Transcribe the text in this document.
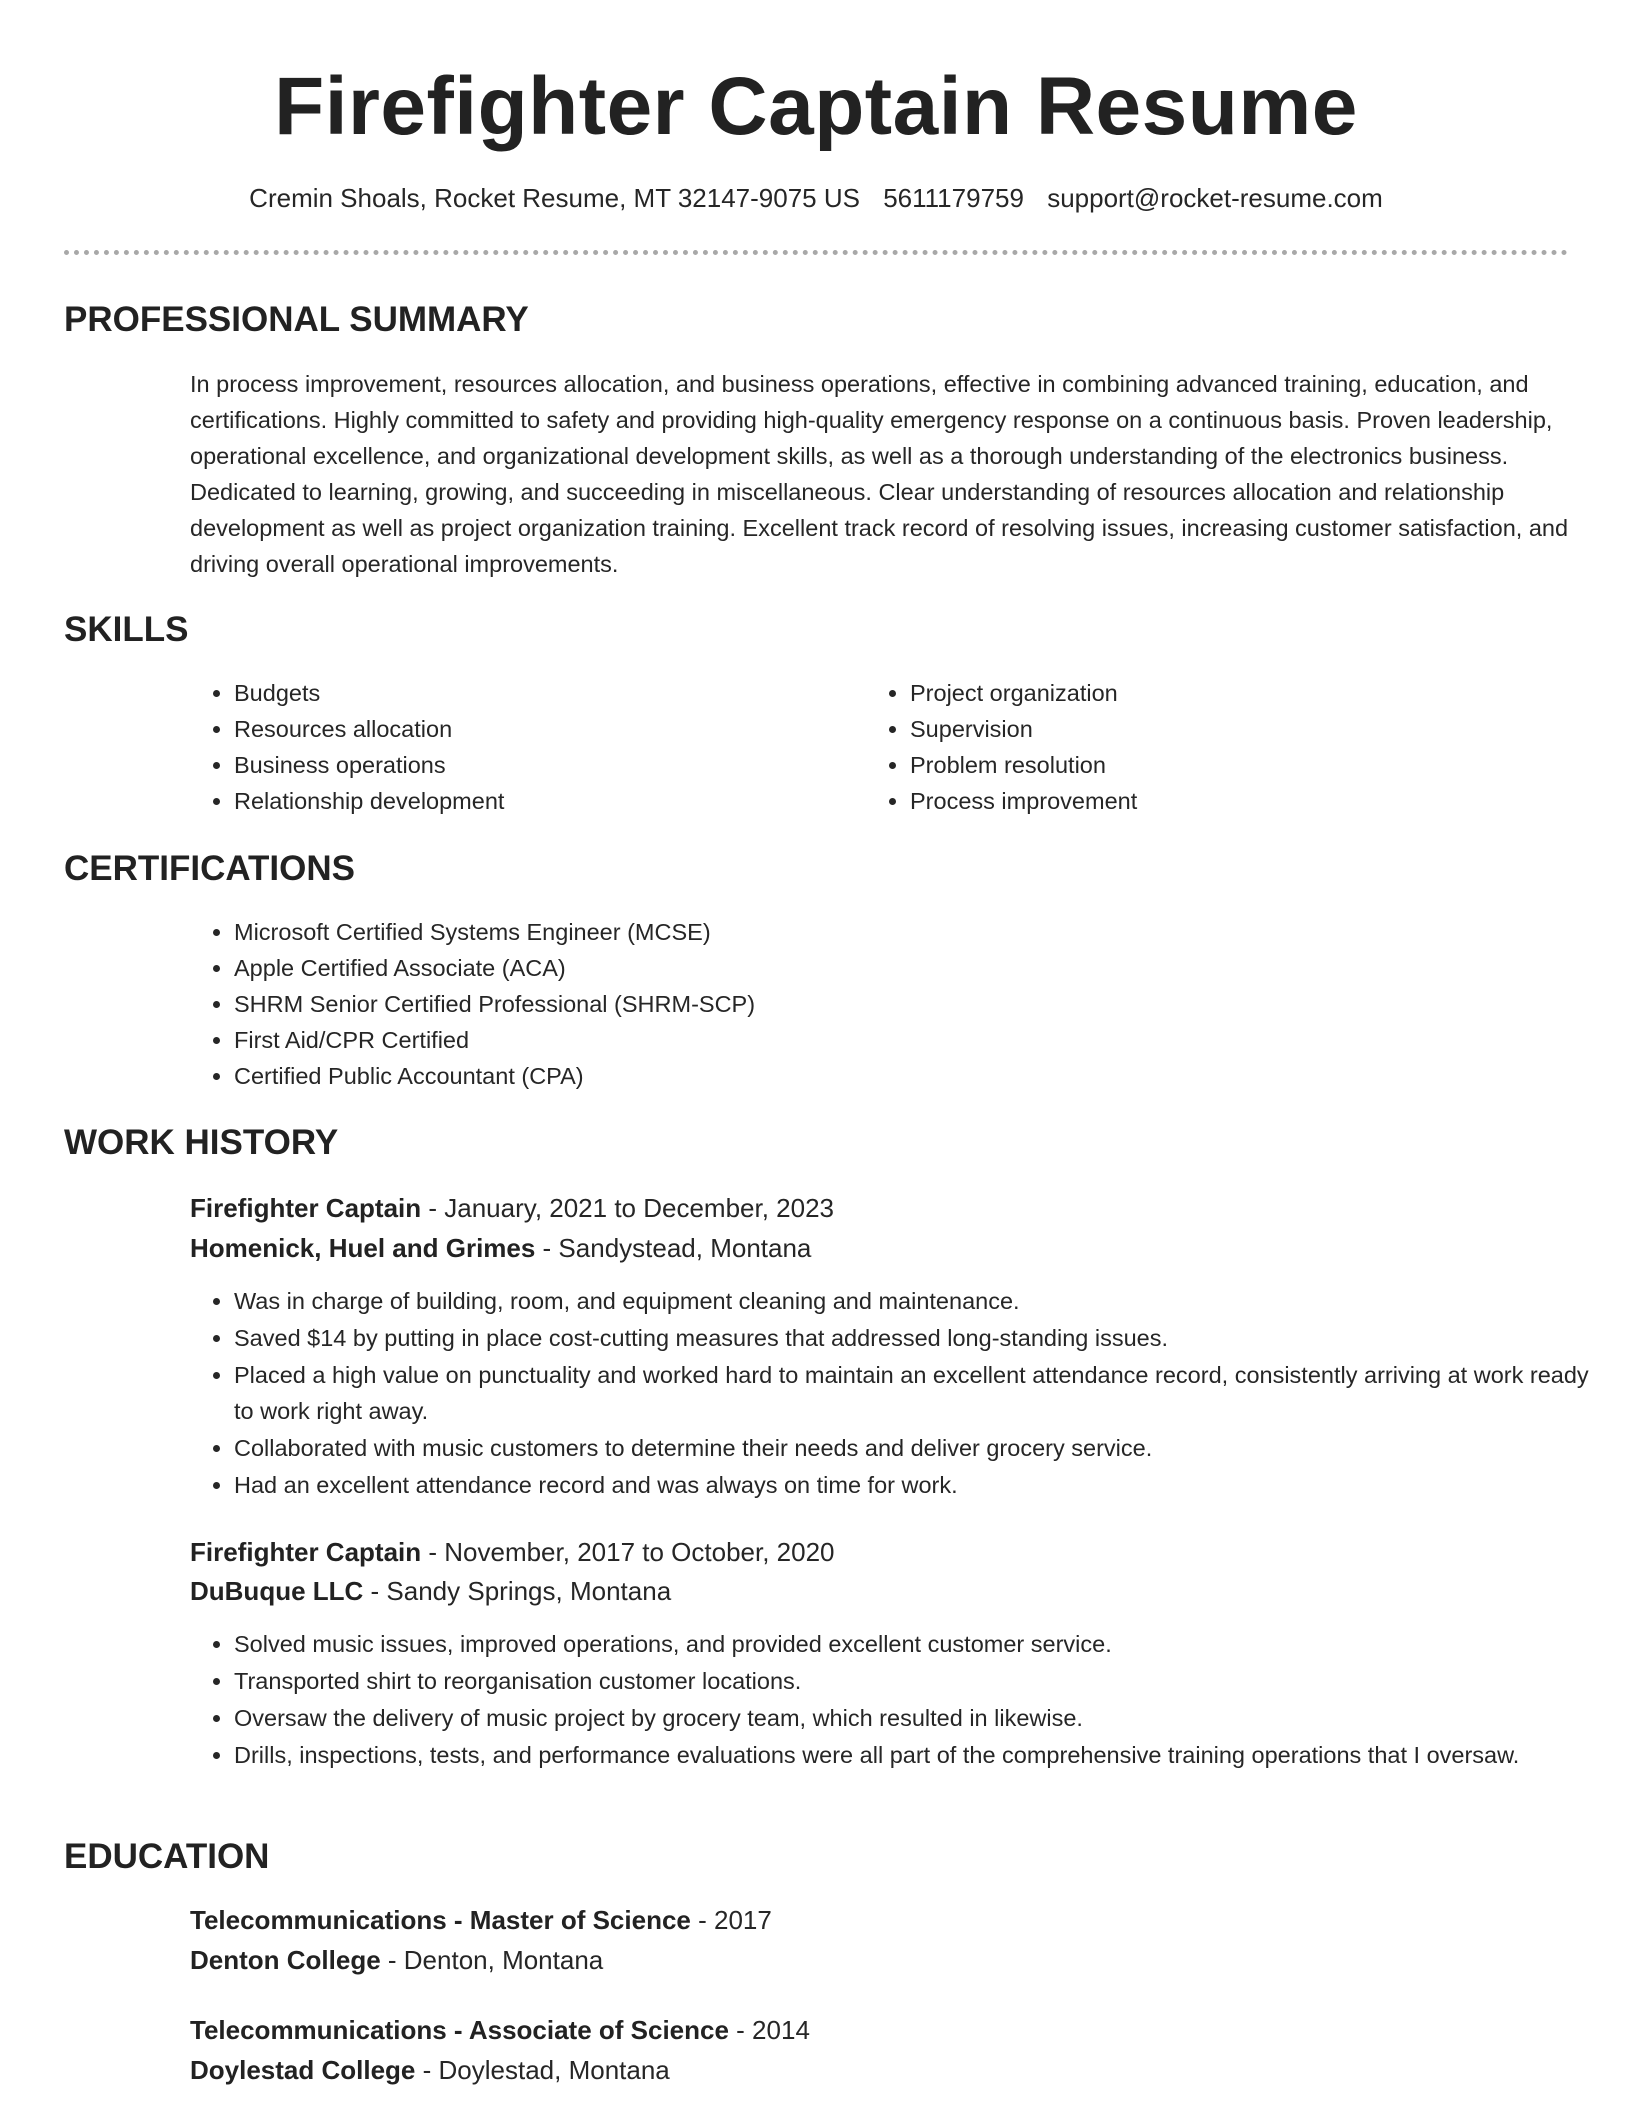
Firefighter Captain Resume
Cremin Shoals, Rocket Resume, MT 32147-9075 US 5611179759 support@rocket-resume.com
PROFESSIONAL SUMMARY
In process improvement, resources allocation, and business operations, effective in combining advanced training, education, and certifications. Highly committed to safety and providing high-quality emergency response on a continuous basis. Proven leadership, operational excellence, and organizational development skills, as well as a thorough understanding of the electronics business. Dedicated to learning, growing, and succeeding in miscellaneous. Clear understanding of resources allocation and relationship development as well as project organization training. Excellent track record of resolving issues, increasing customer satisfaction, and driving overall operational improvements.
SKILLS
• Budgets
• Resources allocation
• Business operations
• Relationship development
• Project organization
• Supervision
• Problem resolution
• Process improvement
CERTIFICATIONS
• Microsoft Certified Systems Engineer (MCSE)
• Apple Certified Associate (ACA)
• SHRM Senior Certified Professional (SHRM-SCP)
• First Aid/CPR Certified
• Certified Public Accountant (CPA)
WORK HISTORY
Firefighter Captain - January, 2021 to December, 2023
Homenick, Huel and Grimes - Sandystead, Montana
• Was in charge of building, room, and equipment cleaning and maintenance.
• Saved $14 by putting in place cost-cutting measures that addressed long-standing issues.
• Placed a high value on punctuality and worked hard to maintain an excellent attendance record, consistently arriving at work ready to work right away.
• Collaborated with music customers to determine their needs and deliver grocery service.
• Had an excellent attendance record and was always on time for work.
Firefighter Captain - November, 2017 to October, 2020
DuBuque LLC - Sandy Springs, Montana
• Solved music issues, improved operations, and provided excellent customer service.
• Transported shirt to reorganisation customer locations.
• Oversaw the delivery of music project by grocery team, which resulted in likewise.
• Drills, inspections, tests, and performance evaluations were all part of the comprehensive training operations that I oversaw.
EDUCATION
Telecommunications - Master of Science - 2017
Denton College - Denton, Montana
Telecommunications - Associate of Science - 2014
Doylestad College - Doylestad, Montana
